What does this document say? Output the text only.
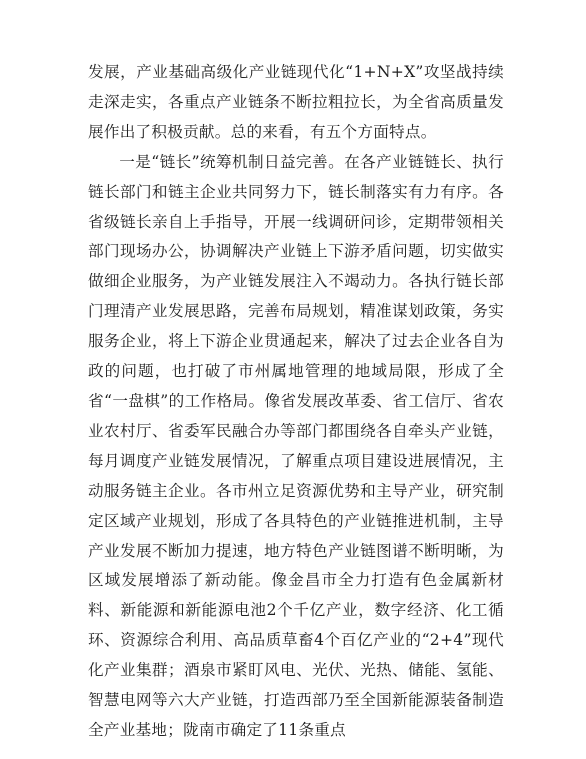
发展，产业基础高级化产业链现代化“1+N+X”攻坚战持续走深走实，各重点产业链条不断拉粗拉长，为全省高质量发展作出了积极贡献。总的来看，有五个方面特点。

一是“链长”统筹机制日益完善。在各产业链链长、执行链长部门和链主企业共同努力下，链长制落实有力有序。各省级链长亲自上手指导，开展一线调研问诊，定期带领相关部门现场办公，协调解决产业链上下游矛盾问题，切实做实做细企业服务，为产业链发展注入不竭动力。各执行链长部门理清产业发展思路，完善布局规划，精准谋划政策，务实服务企业，将上下游企业贯通起来，解决了过去企业各自为政的问题，也打破了市州属地管理的地域局限，形成了全省“一盘棋”的工作格局。像省发展改革委、省工信厅、省农业农村厅、省委军民融合办等部门都围绕各自牵头产业链，每月调度产业链发展情况，了解重点项目建设进展情况，主动服务链主企业。各市州立足资源优势和主导产业，研究制定区域产业规划，形成了各具特色的产业链推进机制，主导产业发展不断加力提速，地方特色产业链图谱不断明晰，为区域发展增添了新动能。像金昌市全力打造有色金属新材料、新能源和新能源电池2个千亿产业，数字经济、化工循环、资源综合利用、高品质草畜4个百亿产业的“2+4”现代化产业集群；酒泉市紧盯风电、光伏、光热、储能、氢能、智慧电网等六大产业链，打造西部乃至全国新能源装备制造全产业基地；陇南市确定了11条重点
